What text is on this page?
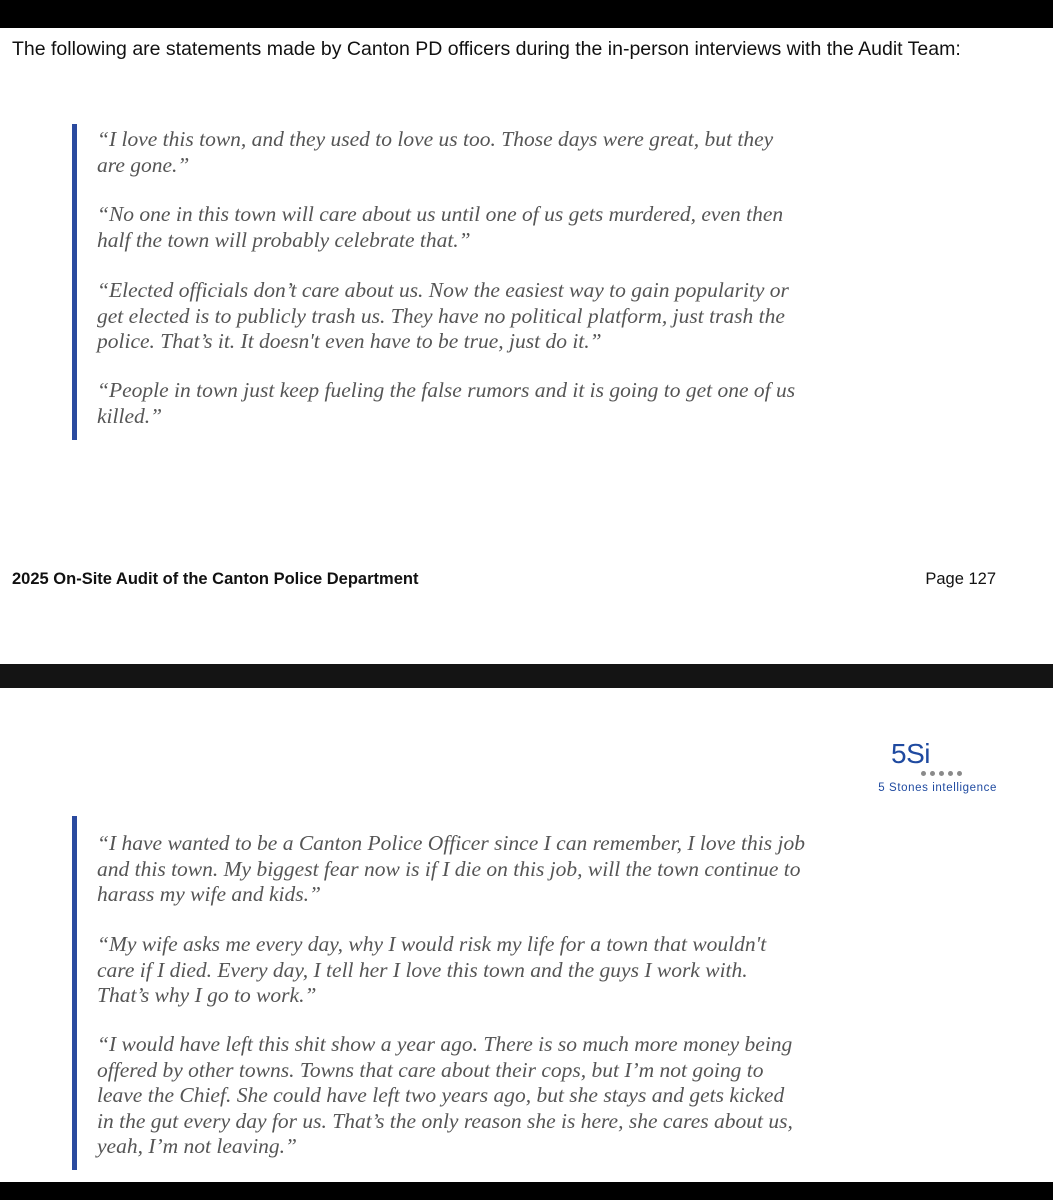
The following are statements made by Canton PD officers during the in-person interviews with the Audit Team:

“I love this town, and they used to love us too. Those days were great, but they
are gone.”
“No one in this town will care about us until one of us gets murdered, even then
half the town will probably celebrate that.”
“Elected officials don’t care about us. Now the easiest way to gain popularity or
get elected is to publicly trash us. They have no political platform, just trash the
police. That’s it. It doesn't even have to be true, just do it.”
“People in town just keep fueling the false rumors and it is going to get one of us
killed.”
2025 On-Site Audit of the Canton Police Department	Page 127
5Si
5 Stones intelligence
“I have wanted to be a Canton Police Officer since I can remember, I love this job
and this town. My biggest fear now is if I die on this job, will the town continue to
harass my wife and kids.”
“My wife asks me every day, why I would risk my life for a town that wouldn't
care if I died. Every day, I tell her I love this town and the guys I work with.
That’s why I go to work.”
“I would have left this shit show a year ago. There is so much more money being
offered by other towns. Towns that care about their cops, but I’m not going to
leave the Chief. She could have left two years ago, but she stays and gets kicked
in the gut every day for us. That’s the only reason she is here, she cares about us,
yeah, I’m not leaving.”
